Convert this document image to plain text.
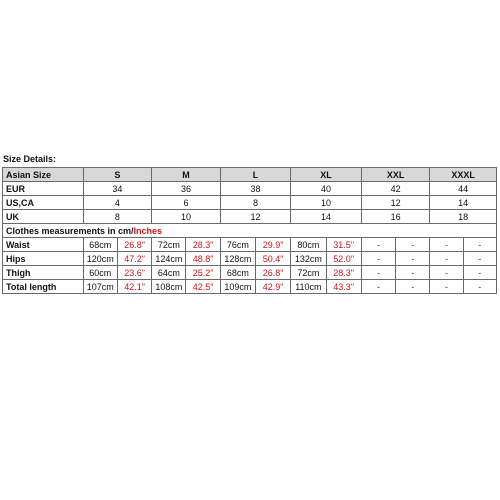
Size Details:
Asian Size	S		M		L		XL		XXL		XXXL	
EUR	34		36		38		40		42		44	
US,CA	4		6		8		10		12		14	
UK	8		10		12		14		16		18	
Clothes measurements in cm/Inches												
Waist	68cm	26.8"	72cm	28.3"	76cm	29.9"	80cm	31.5"	-	-	-	-
Hips	120cm	47.2"	124cm	48.8"	128cm	50.4"	132cm	52.0"	-	-	-	-
Thigh	60cm	23.6"	64cm	25.2"	68cm	26.8"	72cm	28.3"	-	-	-	-
Total length	107cm	42.1"	108cm	42.5"	109cm	42.9"	110cm	43.3"	-	-	-	-
